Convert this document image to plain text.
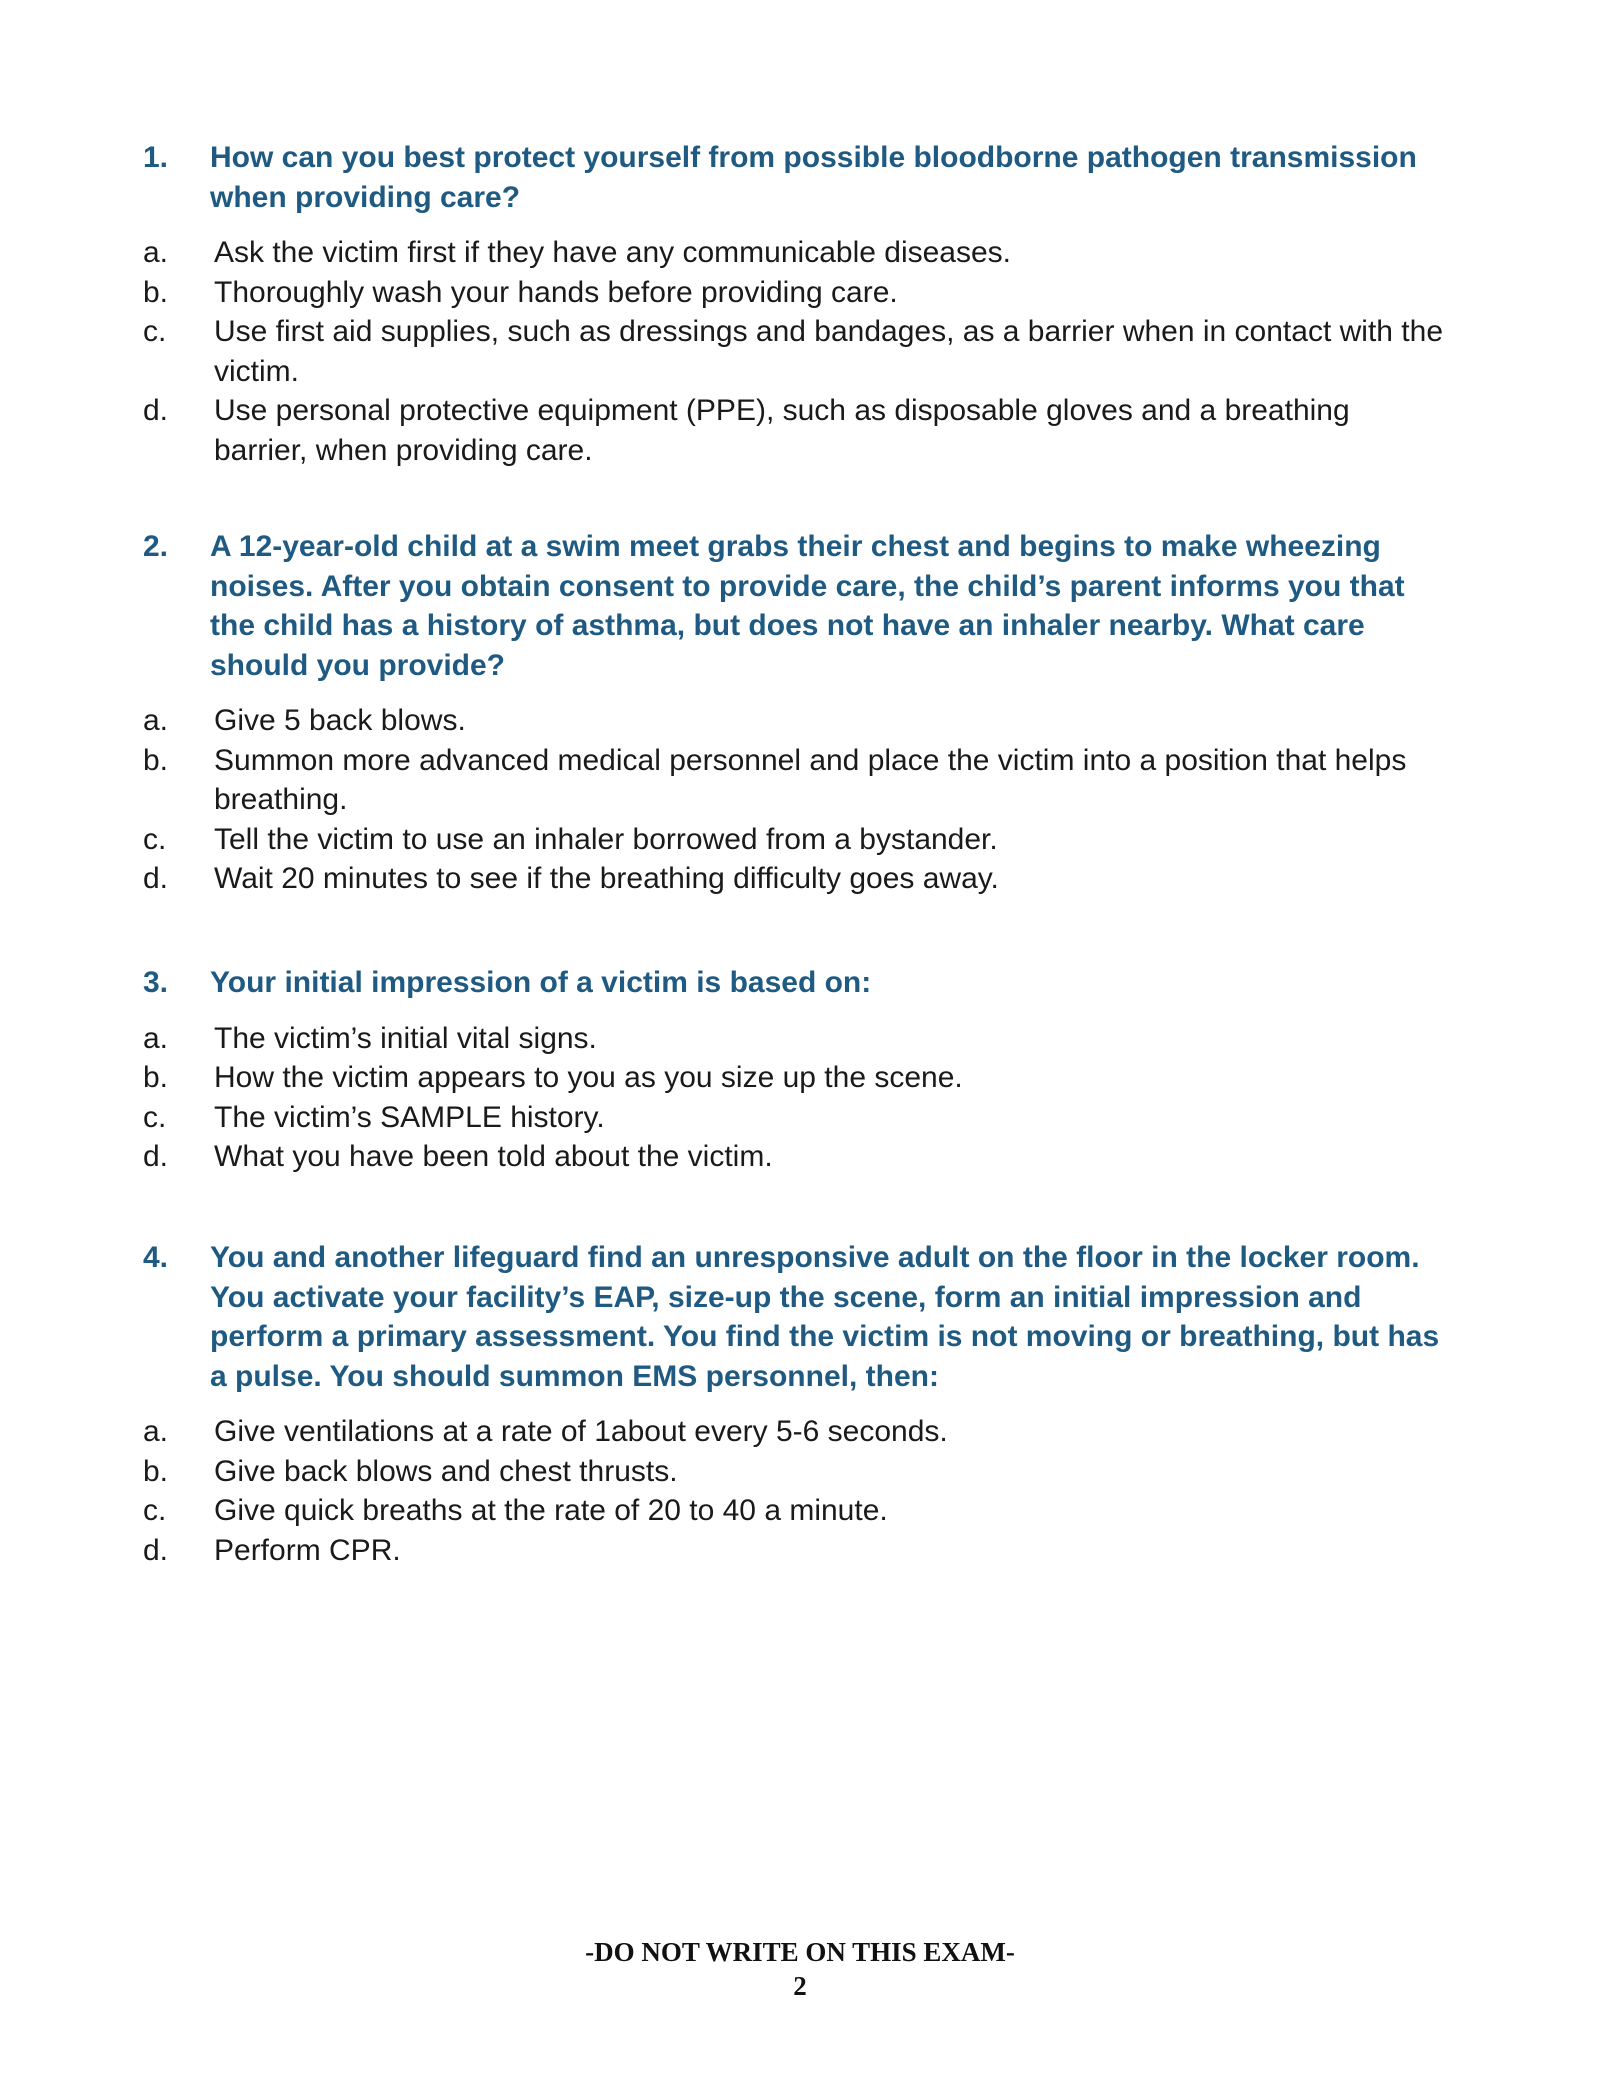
1. How can you best protect yourself from possible bloodborne pathogen transmission when providing care?
a. Ask the victim first if they have any communicable diseases.
b. Thoroughly wash your hands before providing care.
c. Use first aid supplies, such as dressings and bandages, as a barrier when in contact with the victim.
d. Use personal protective equipment (PPE), such as disposable gloves and a breathing barrier, when providing care.
2. A 12-year-old child at a swim meet grabs their chest and begins to make wheezing noises. After you obtain consent to provide care, the child’s parent informs you that the child has a history of asthma, but does not have an inhaler nearby. What care should you provide?
a. Give 5 back blows.
b. Summon more advanced medical personnel and place the victim into a position that helps breathing.
c. Tell the victim to use an inhaler borrowed from a bystander.
d. Wait 20 minutes to see if the breathing difficulty goes away.
3. Your initial impression of a victim is based on:
a. The victim’s initial vital signs.
b. How the victim appears to you as you size up the scene.
c. The victim’s SAMPLE history.
d. What you have been told about the victim.
4. You and another lifeguard find an unresponsive adult on the floor in the locker room. You activate your facility’s EAP, size-up the scene, form an initial impression and perform a primary assessment. You find the victim is not moving or breathing, but has a pulse. You should summon EMS personnel, then:
a. Give ventilations at a rate of 1about every 5-6 seconds.
b. Give back blows and chest thrusts.
c. Give quick breaths at the rate of 20 to 40 a minute.
d. Perform CPR.
-DO NOT WRITE ON THIS EXAM-
2
